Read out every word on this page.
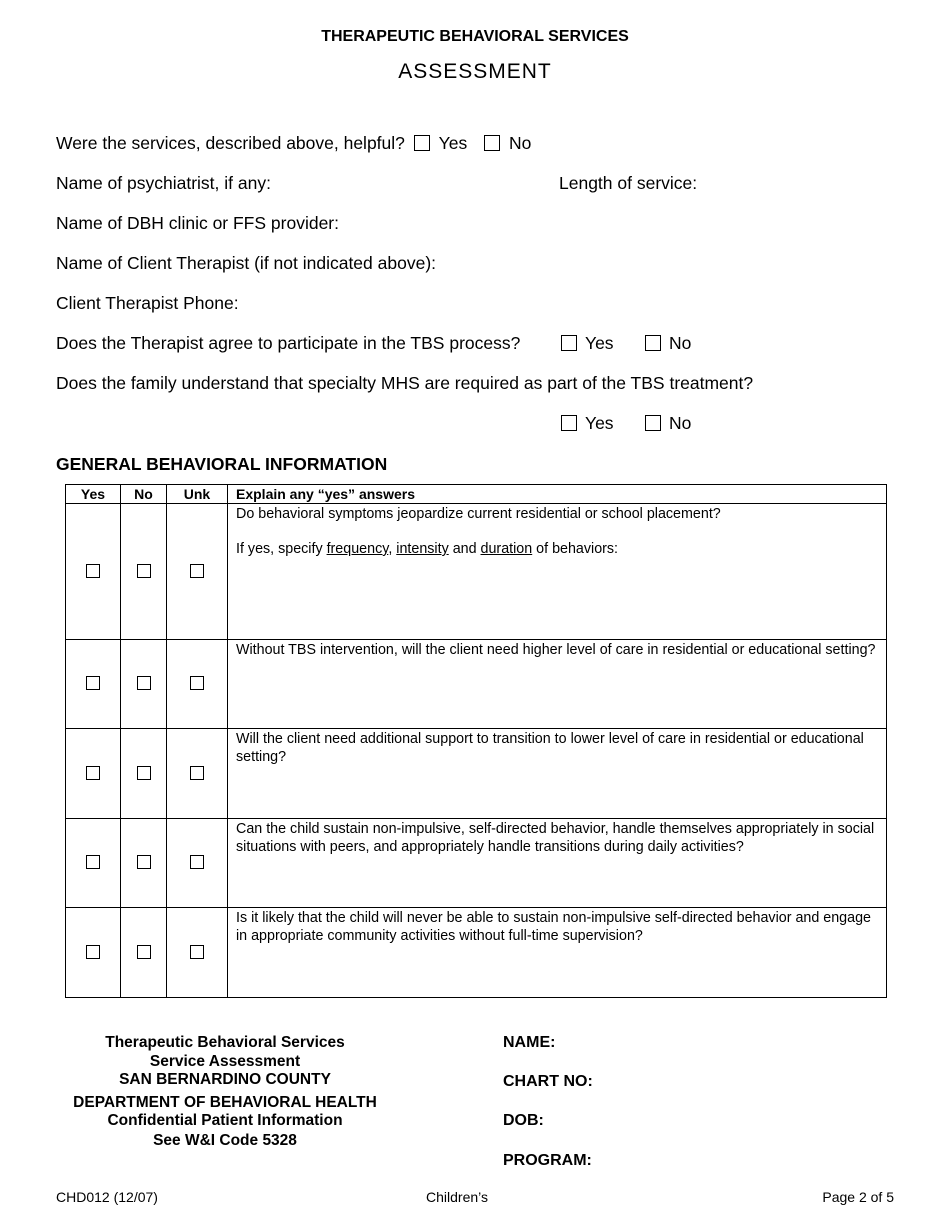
THERAPEUTIC BEHAVIORAL SERVICES
ASSESSMENT
Were the services, described above, helpful? Yes No
Name of psychiatrist, if any:	Length of service:
Name of DBH clinic or FFS provider:
Name of Client Therapist (if not indicated above):
Client Therapist Phone:
Does the Therapist agree to participate in the TBS process?	Yes	No
Does the family understand that specialty MHS are required as part of the TBS treatment?
Yes	No
GENERAL BEHAVIORAL INFORMATION
Yes	No	Unk	Explain any “yes” answers

			Do behavioral symptoms jeopardize current residential or school placement?
If yes, specify frequency, intensity and duration of behaviors:

			Without TBS intervention, will the client need higher level of care in residential or educational setting?
			Will the client need additional support to transition to lower level of care in residential or educational setting?
			Can the child sustain non-impulsive, self-directed behavior, handle themselves appropriately in social situations with peers, and appropriately handle transitions during daily activities?
			Is it likely that the child will never be able to sustain non-impulsive self-directed behavior and engage in appropriate community activities without full-time supervision?
Therapeutic Behavioral Services
Service Assessment
SAN BERNARDINO COUNTY
DEPARTMENT OF BEHAVIORAL HEALTH
Confidential Patient Information
See W&I Code 5328
NAME:
CHART NO:
DOB:
PROGRAM:
CHD012 (12/07)	Children’s	Page 2 of 5
